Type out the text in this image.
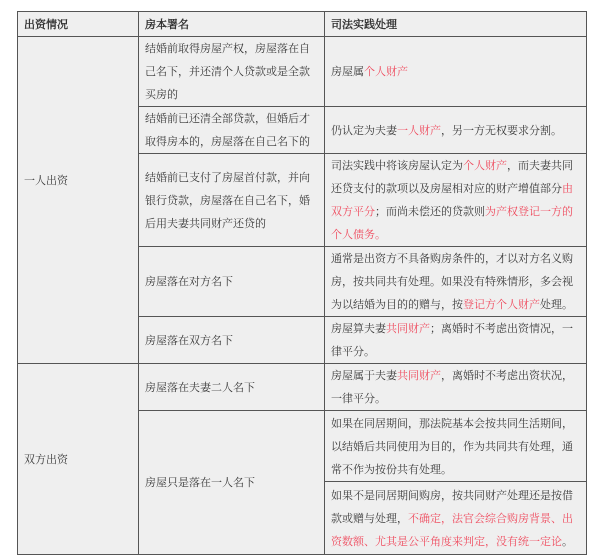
出资情况	房本署名	司法实践处理
一人出资	结婚前取得房屋产权，房屋落在自己名下，并还清个人贷款或是全款买房的	房屋属个人财产
	结婚前已还清全部贷款，但婚后才取得房本的，房屋落在自己名下的	仍认定为夫妻一人财产，另一方无权要求分割。
	结婚前已支付了房屋首付款，并向银行贷款，房屋落在自己名下，婚后用夫妻共同财产还贷的	司法实践中将该房屋认定为个人财产，而夫妻共同还贷支付的款项以及房屋相对应的财产增值部分由双方平分；而尚未偿还的贷款则为产权登记一方的个人债务。
	房屋落在对方名下	通常是出资方不具备购房条件的，才以对方名义购房，按共同共有处理。如果没有特殊情形，多会视为以结婚为目的的赠与，按登记方个人财产处理。
	房屋落在双方名下	房屋算夫妻共同财产；离婚时不考虑出资情况，一律平分。
双方出资	房屋落在夫妻二人名下	房屋属于夫妻共同财产，离婚时不考虑出资状况，一律平分。
	房屋只是落在一人名下	如果在同居期间，那法院基本会按共同生活期间，以结婚后共同使用为目的，作为共同共有处理，通常不作为按份共有处理。
		如果不是同居期间购房，按共同财产处理还是按借款或赠与处理，不确定，法官会综合购房背景、出资数额、尤其是公平角度来判定，没有统一定论。
